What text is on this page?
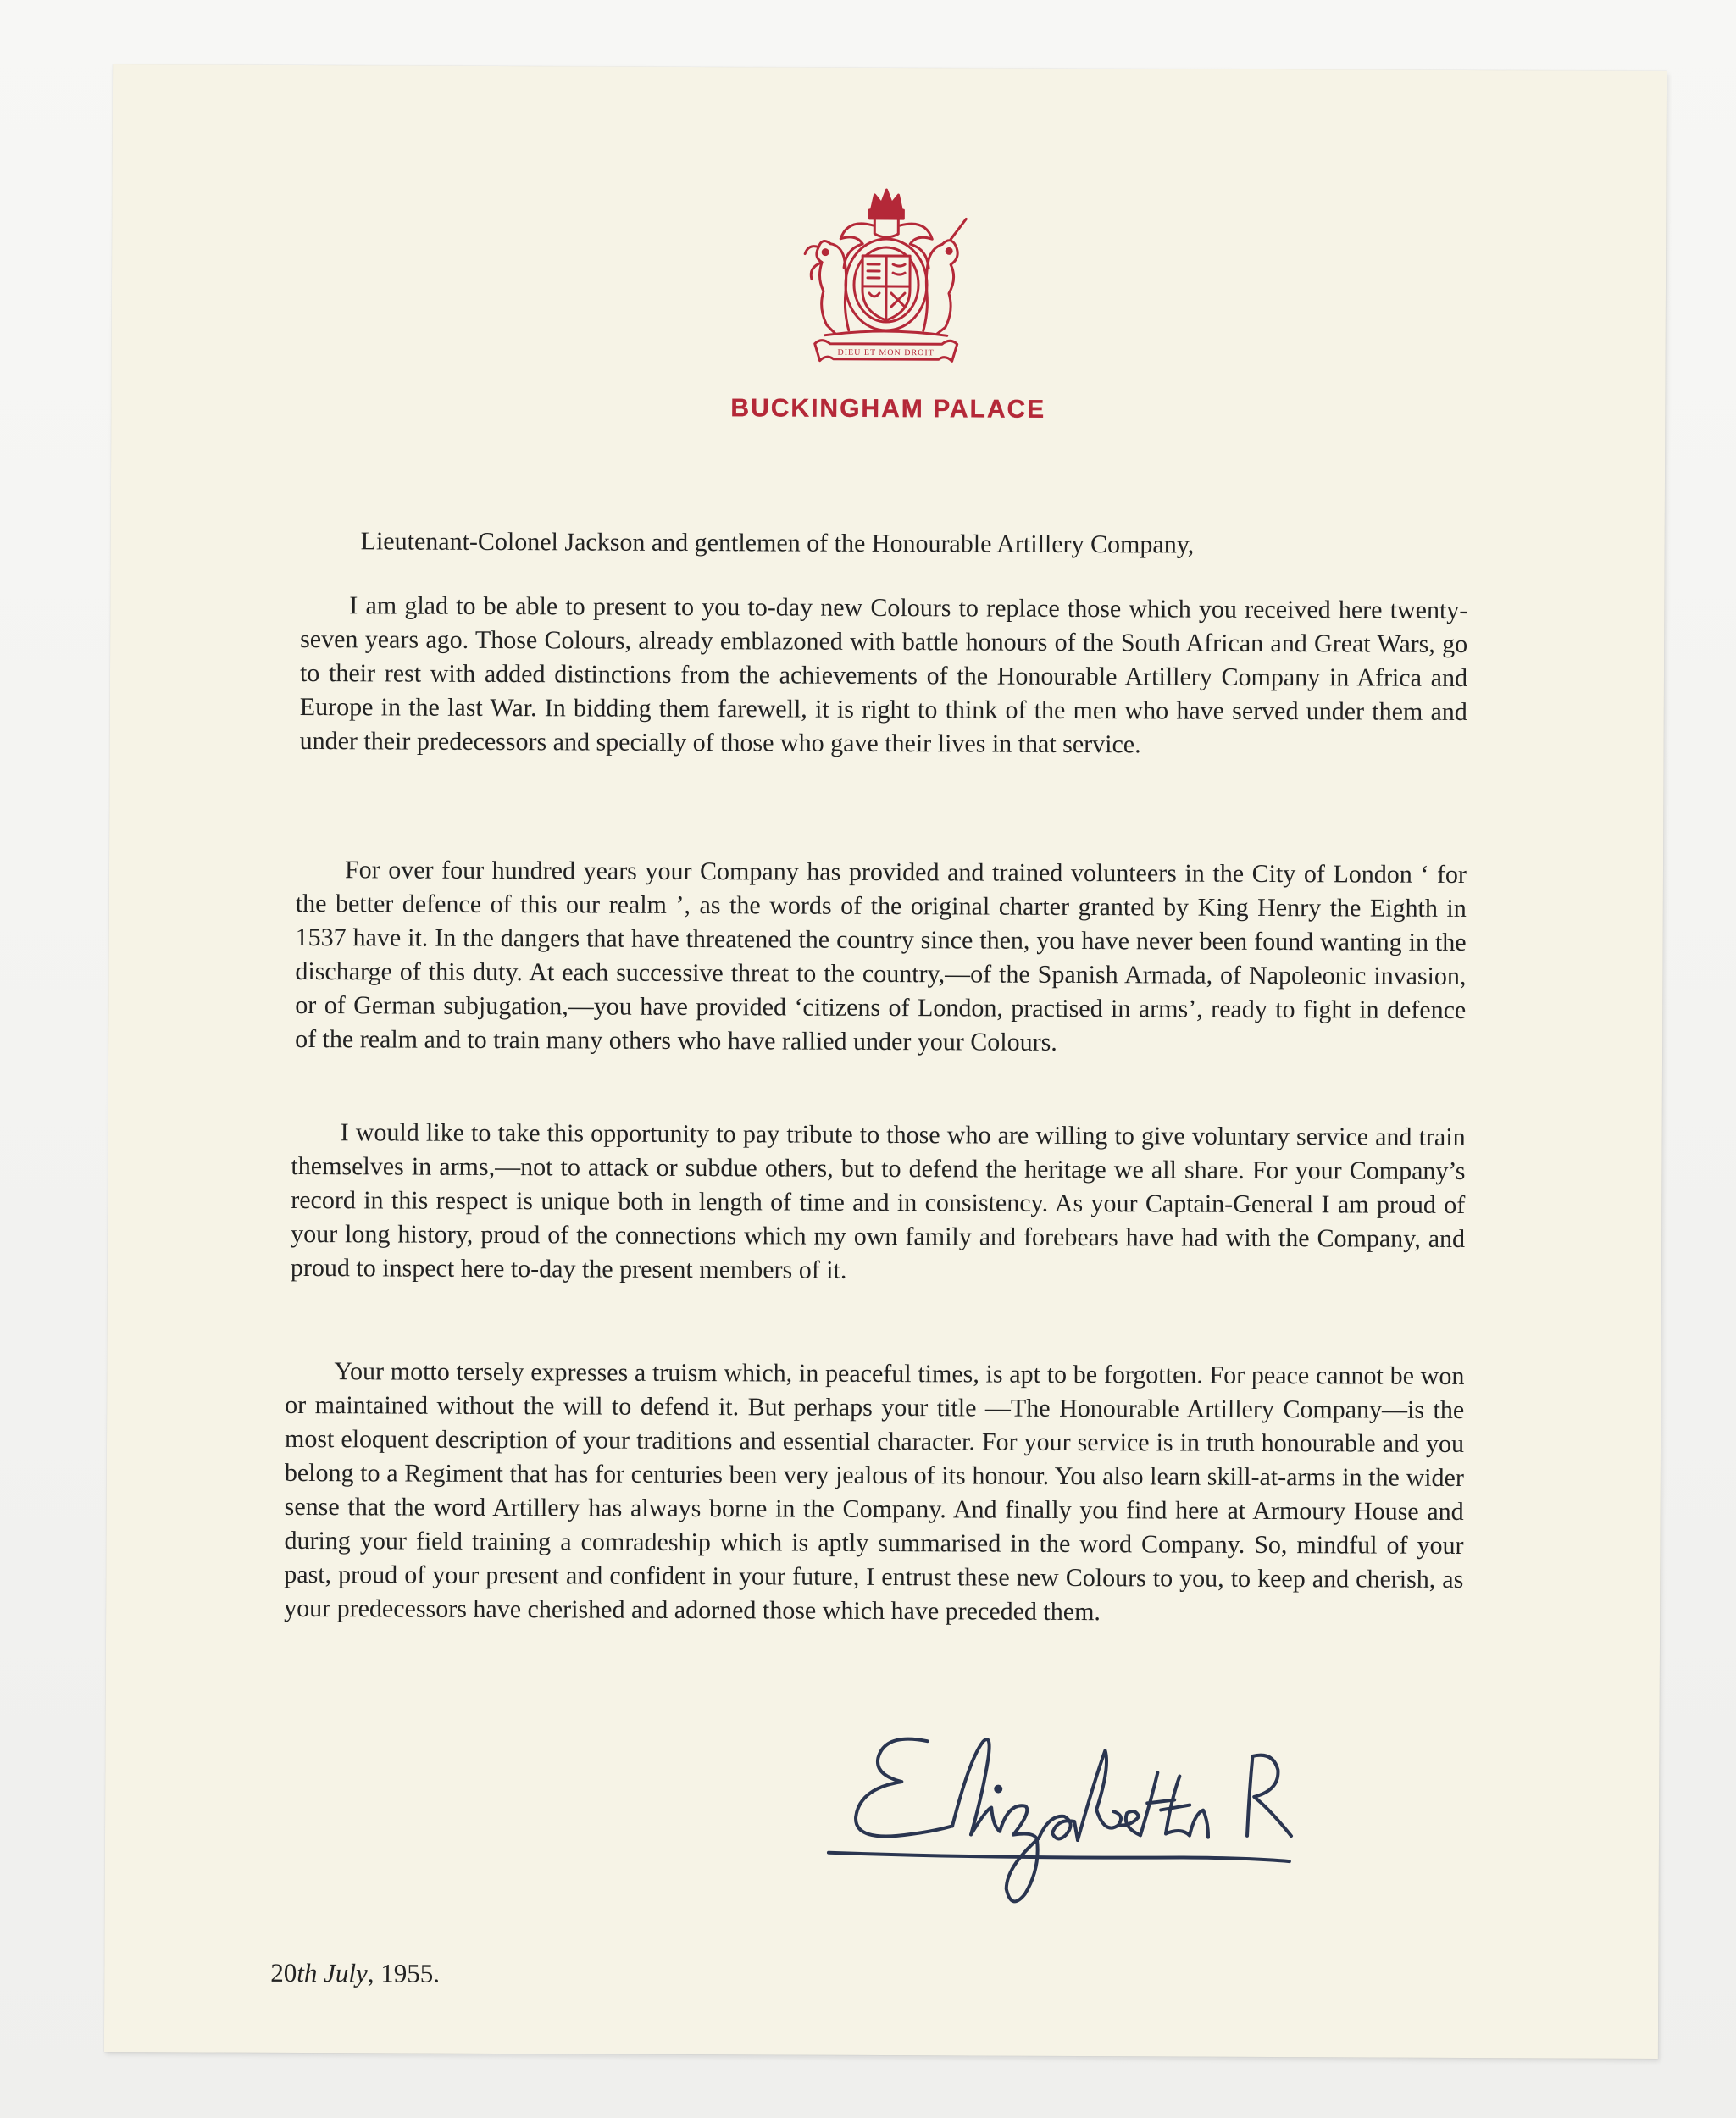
DIEU ET MON DROIT
BUCKINGHAM PALACE
Lieutenant-Colonel Jackson and gentlemen of the Honourable Artillery Company,

I am glad to be able to present to you to-day new Colours to replace those which you received here twenty-seven years ago. Those Colours, already emblazoned with battle honours of the South African and Great Wars, go to their rest with added distinctions from the achievements of the Honourable Artillery Company in Africa and Europe in the last War. In bidding them farewell, it is right to think of the men who have served under them and under their predecessors and specially of those who gave their lives in that service.

For over four hundred years your Company has provided and trained volunteers in the City of London ‘ for the better defence of this our realm ’, as the words of the original charter granted by King Henry the Eighth in 1537 have it. In the dangers that have threatened the country since then, you have never been found wanting in the discharge of this duty. At each successive threat to the country,—of the Spanish Armada, of Napoleonic invasion, or of German subjugation,—you have provided ‘citizens of London, practised in arms’, ready to fight in defence of the realm and to train many others who have rallied under your Colours.

I would like to take this opportunity to pay tribute to those who are willing to give voluntary service and train themselves in arms,—not to attack or subdue others, but to defend the heritage we all share. For your Company’s record in this respect is unique both in length of time and in consistency. As your Captain-General I am proud of your long history, proud of the connections which my own family and forebears have had with the Company, and proud to inspect here to-day the present members of it.

Your motto tersely expresses a truism which, in peaceful times, is apt to be forgotten. For peace cannot be won or maintained without the will to defend it. But perhaps your title —The Honourable Artillery Company—is the most eloquent description of your traditions and essential character. For your service is in truth honourable and you belong to a Regiment that has for centuries been very jealous of its honour. You also learn skill-at-arms in the wider sense that the word Artillery has always borne in the Company. And finally you find here at Armoury House and during your field training a comradeship which is aptly summarised in the word Company. So, mindful of your past, proud of your present and confident in your future, I entrust these new Colours to you, to keep and cherish, as your predecessors have cherished and adorned those which have preceded them.

20th July, 1955.
